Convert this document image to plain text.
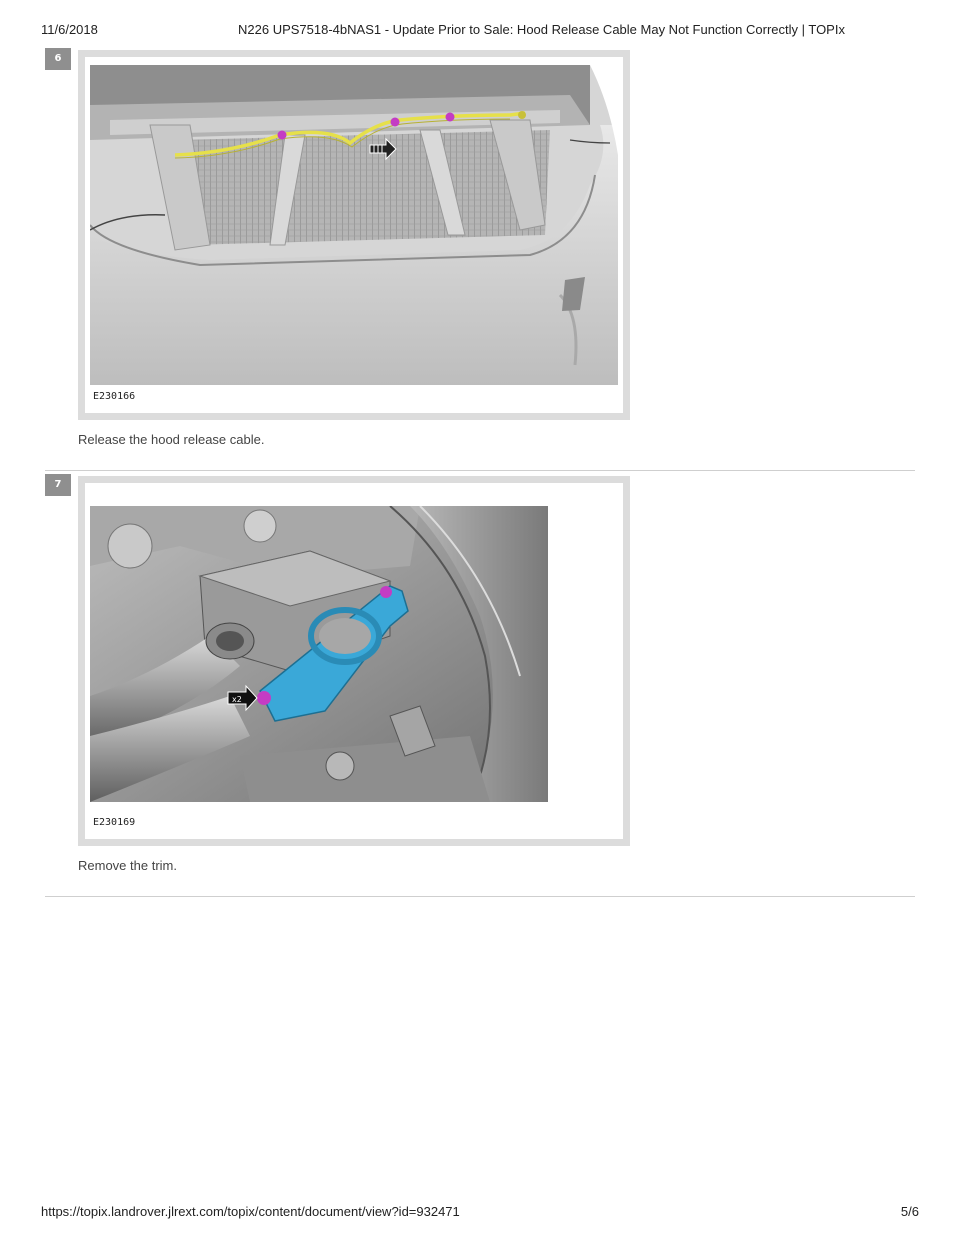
11/6/2018	N226 UPS7518-4bNAS1 - Update Prior to Sale: Hood Release Cable May Not Function Correctly | TOPIx
6
E230166
Release the hood release cable.
7
x2
E230169
Remove the trim.
https://topix.landrover.jlrext.com/topix/content/document/view?id=932471	5/6
